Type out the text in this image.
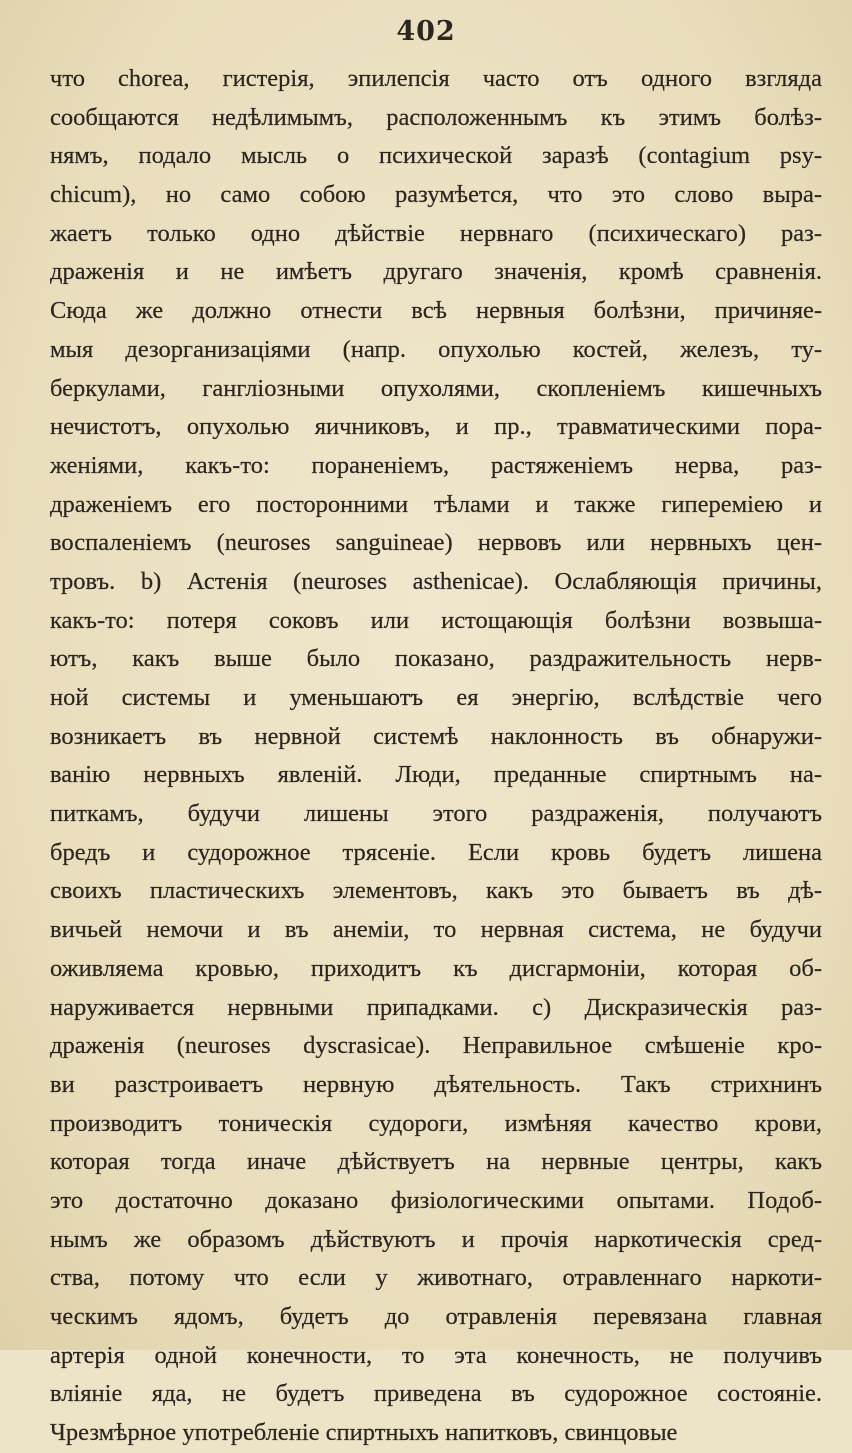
402
что chorea, гистерія, эпилепсія часто отъ одного взгляда
сообщаются недѣлимымъ, расположеннымъ къ этимъ болѣз-
нямъ, подало мысль о психической заразѣ (contagium psy-
chicum), но само собою разумѣется, что это слово выра-
жаетъ только одно дѣйствіе нервнаго (психическаго) раз-
драженія и не имѣетъ другаго значенія, кромѣ сравненія.
Сюда же должно отнести всѣ нервныя болѣзни, причиняе-
мыя дезорганизаціями (напр. опухолью костей, железъ, ту-
беркулами, ганглiозными опухолями, скопленіемъ кишечныхъ
нечистотъ, опухолью яичниковъ, и пр., травматическими пора-
женіями, какъ-то: пораненіемъ, растяженіемъ нерва, раз-
драженіемъ его посторонними тѣлами и также гипереміею и
воспаленіемъ (neuroses sanguineae) нервовъ или нервныхъ цен-
тровъ. b) Астенія (neuroses asthenicae). Ослабляющія причины,
какъ-то: потеря соковъ или истощающія болѣзни возвыша-
ютъ, какъ выше было показано, раздражительность нерв-
ной системы и уменьшаютъ ея энергію, вслѣдствіе чего
возникаетъ въ нервной системѣ наклонность въ обнаружи-
ванію нервныхъ явленій. Люди, преданные спиртнымъ на-
питкамъ, будучи лишены этого раздраженія, получаютъ
бредъ и судорожное трясеніе. Если кровь будетъ лишена
своихъ пластическихъ элементовъ, какъ это бываетъ въ дѣ-
вичьей немочи и въ анеміи, то нервная система, не будучи
оживляема кровью, приходитъ къ дисгармоніи, которая об-
наруживается нервными припадками. c) Дискразическія раз-
драженія (neuroses dyscrasicae). Неправильное смѣшеніе кро-
ви разстроиваетъ нервную дѣятельность. Такъ стрихнинъ
производитъ тоническія судороги, измѣняя качество крови,
которая тогда иначе дѣйствуетъ на нервные центры, какъ
это достаточно доказано физіологическими опытами. Подоб-
нымъ же образомъ дѣйствуютъ и прочія наркотическія сред-
ства, потому что если у животнаго, отравленнаго наркоти-
ческимъ ядомъ, будетъ до отравленія перевязана главная
артерія одной конечности, то эта конечность, не получивъ
вліяніе яда, не будетъ приведена въ судорожное состояніе.
Чрезмѣрное употребленіе спиртныхъ напитковъ, свинцовые
